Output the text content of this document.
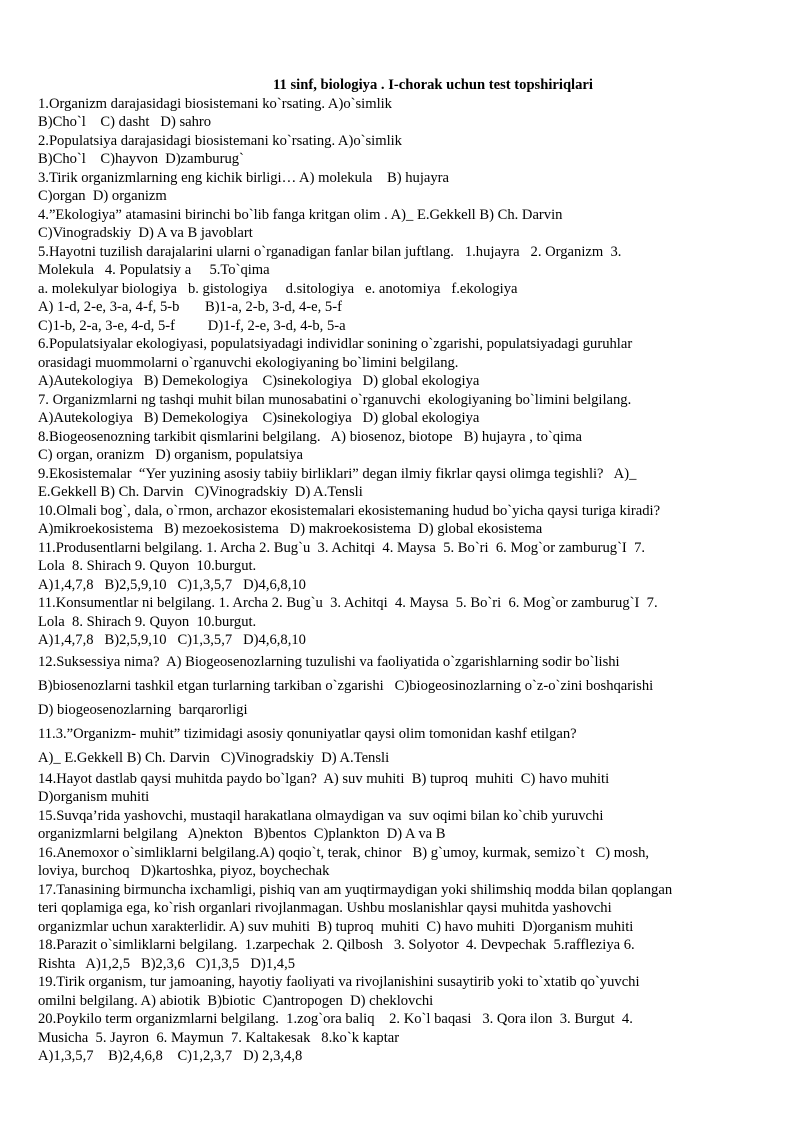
11 sinf, biologiya . I-chorak uchun test topshiriqlari

1.Organizm darajasidagi biosistemani ko`rsating. A)o`simlik

B)Cho`l    C) dasht   D) sahro

2.Populatsiya darajasidagi biosistemani ko`rsating. A)o`simlik

B)Cho`l    C)hayvon  D)zamburug`

3.Tirik organizmlarning eng kichik birligi… A) molekula    B) hujayra

C)organ  D) organizm

4.”Ekologiya” atamasini birinchi bo`lib fanga kritgan olim . A)_ E.Gekkell B) Ch. Darvin

C)Vinogradskiy  D) A va B javoblart

5.Hayotni tuzilish darajalarini ularni o`rganadigan fanlar bilan juftlang.   1.hujayra   2. Organizm  3.

Molekula   4. Populatsiy a     5.To`qima

a. molekulyar biologiya   b. gistologiya     d.sitologiya   e. anotomiya   f.ekologiya

A) 1-d, 2-e, 3-a, 4-f, 5-b       B)1-a, 2-b, 3-d, 4-e, 5-f

C)1-b, 2-a, 3-e, 4-d, 5-f         D)1-f, 2-e, 3-d, 4-b, 5-a

6.Populatsiyalar ekologiyasi, populatsiyadagi individlar sonining o`zgarishi, populatsiyadagi guruhlar

orasidagi muommolarni o`rganuvchi ekologiyaning bo`limini belgilang.

A)Autekologiya   B) Demekologiya    C)sinekologiya   D) global ekologiya

7. Organizmlarni ng tashqi muhit bilan munosabatini o`rganuvchi  ekologiyaning bo`limini belgilang.

A)Autekologiya   B) Demekologiya    C)sinekologiya   D) global ekologiya

8.Biogeosenozning tarkibit qismlarini belgilang.   A) biosenoz, biotope   B) hujayra , to`qima

C) organ, oranizm   D) organism, populatsiya

9.Ekosistemalar  “Yer yuzining asosiy tabiiy birliklari” degan ilmiy fikrlar qaysi olimga tegishli?   A)_

E.Gekkell B) Ch. Darvin   C)Vinogradskiy  D) A.Tensli

10.Olmali bog`, dala, o`rmon, archazor ekosistemalari ekosistemaning hudud bo`yicha qaysi turiga kiradi?

A)mikroekosistema   B) mezoekosistema   D) makroekosistema  D) global ekosistema

11.Produsentlarni belgilang. 1. Archa 2. Bug`u  3. Achitqi  4. Maysa  5. Bo`ri  6. Mog`or zamburug`I  7.

Lola  8. Shirach 9. Quyon  10.burgut.

A)1,4,7,8   B)2,5,9,10   C)1,3,5,7   D)4,6,8,10

11.Konsumentlar ni belgilang. 1. Archa 2. Bug`u  3. Achitqi  4. Maysa  5. Bo`ri  6. Mog`or zamburug`I  7.

Lola  8. Shirach 9. Quyon  10.burgut.

A)1,4,7,8   B)2,5,9,10   C)1,3,5,7   D)4,6,8,10

12.Suksessiya nima?  A) Biogeosenozlarning tuzulishi va faoliyatida o`zgarishlarning sodir bo`lishi

B)biosenozlarni tashkil etgan turlarning tarkiban o`zgarishi   C)biogeosinozlarning o`z-o`zini boshqarishi

D) biogeosenozlarning  barqarorligi

11.3.”Organizm- muhit” tizimidagi asosiy qonuniyatlar qaysi olim tomonidan kashf etilgan?

A)_ E.Gekkell B) Ch. Darvin   C)Vinogradskiy  D) A.Tensli

14.Hayot dastlab qaysi muhitda paydo bo`lgan?  A) suv muhiti  B) tuproq  muhiti  C) havo muhiti

D)organism muhiti

15.Suvqa’rida yashovchi, mustaqil harakatlana olmaydigan va  suv oqimi bilan ko`chib yuruvchi

organizmlarni belgilang   A)nekton   B)bentos  C)plankton  D) A va B

16.Anemoxor o`simliklarni belgilang.A) qoqio`t, terak, chinor   B) g`umoy, kurmak, semizo`t   C) mosh,

loviya, burchoq   D)kartoshka, piyoz, boychechak

17.Tanasining birmuncha ixchamligi, pishiq van am yuqtirmaydigan yoki shilimshiq modda bilan qoplangan

teri qoplamiga ega, ko`rish organlari rivojlanmagan. Ushbu moslanishlar qaysi muhitda yashovchi

organizmlar uchun xarakterlidir. A) suv muhiti  B) tuproq  muhiti  C) havo muhiti  D)organism muhiti

18.Parazit o`simliklarni belgilang.  1.zarpechak  2. Qilbosh   3. Solyotor  4. Devpechak  5.raffleziya 6.

Rishta   A)1,2,5   B)2,3,6   C)1,3,5   D)1,4,5

19.Tirik organism, tur jamoaning, hayotiy faoliyati va rivojlanishini susaytirib yoki to`xtatib qo`yuvchi

omilni belgilang. A) abiotik  B)biotic  C)antropogen  D) cheklovchi

20.Poykilo term organizmlarni belgilang.  1.zog`ora baliq    2. Ko`l baqasi   3. Qora ilon  3. Burgut  4.

Musicha  5. Jayron  6. Maymun  7. Kaltakesak   8.ko`k kaptar

A)1,3,5,7    B)2,4,6,8    C)1,2,3,7   D) 2,3,4,8
